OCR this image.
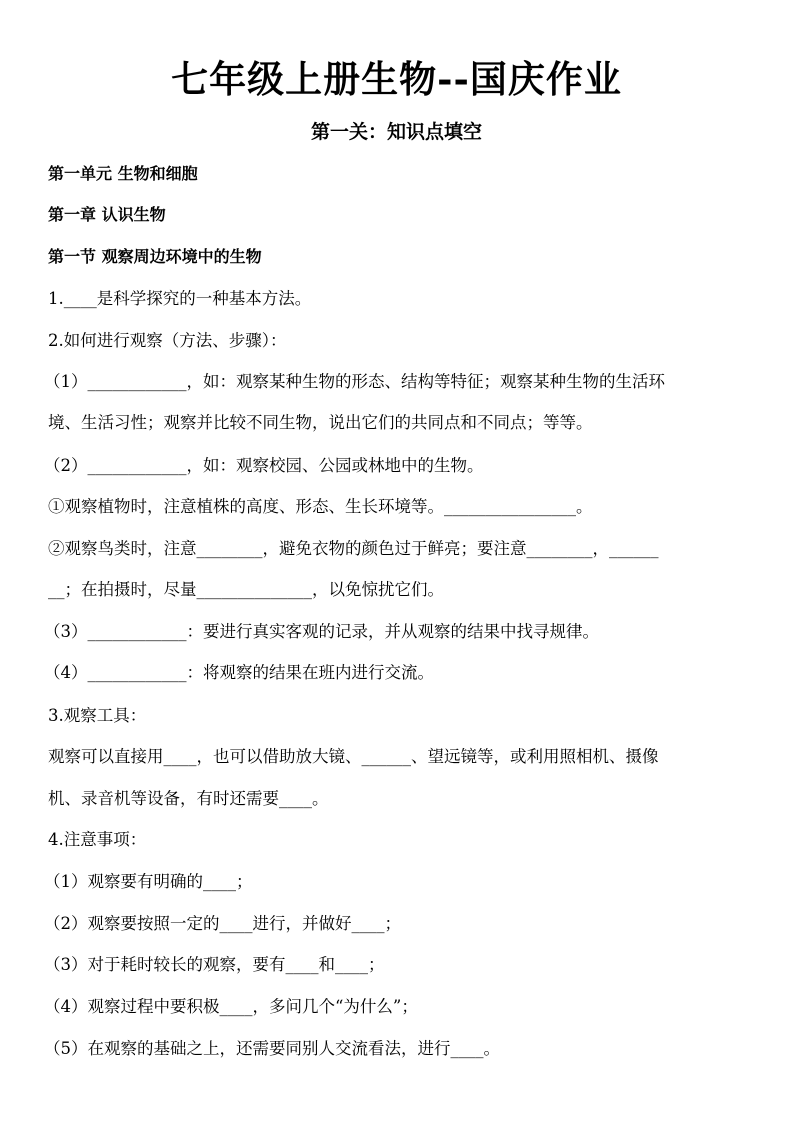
七年级上册生物--国庆作业
第一关：知识点填空
第一单元 生物和细胞
第一章 认识生物
第一节 观察周边环境中的生物
1.____是科学探究的一种基本方法。
2.如何进行观察（方法、步骤）：
（1）____________，如：观察某种生物的形态、结构等特征；观察某种生物的生活环
境、生活习性；观察并比较不同生物，说出它们的共同点和不同点；等等。
（2）____________，如：观察校园、公园或林地中的生物。
①观察植物时，注意植株的高度、形态、生长环境等。________________。
②观察鸟类时，注意________，避免衣物的颜色过于鲜亮；要注意________，______
__；在拍摄时，尽量______________，以免惊扰它们。
（3）____________：要进行真实客观的记录，并从观察的结果中找寻规律。
（4）____________：将观察的结果在班内进行交流。
3.观察工具：
观察可以直接用____，也可以借助放大镜、______、望远镜等，或利用照相机、摄像
机、录音机等设备，有时还需要____。
4.注意事项：
（1）观察要有明确的____；
（2）观察要按照一定的____进行，并做好____；
（3）对于耗时较长的观察，要有____和____；
（4）观察过程中要积极____，多问几个“为什么”；
（5）在观察的基础之上，还需要同别人交流看法，进行____。
